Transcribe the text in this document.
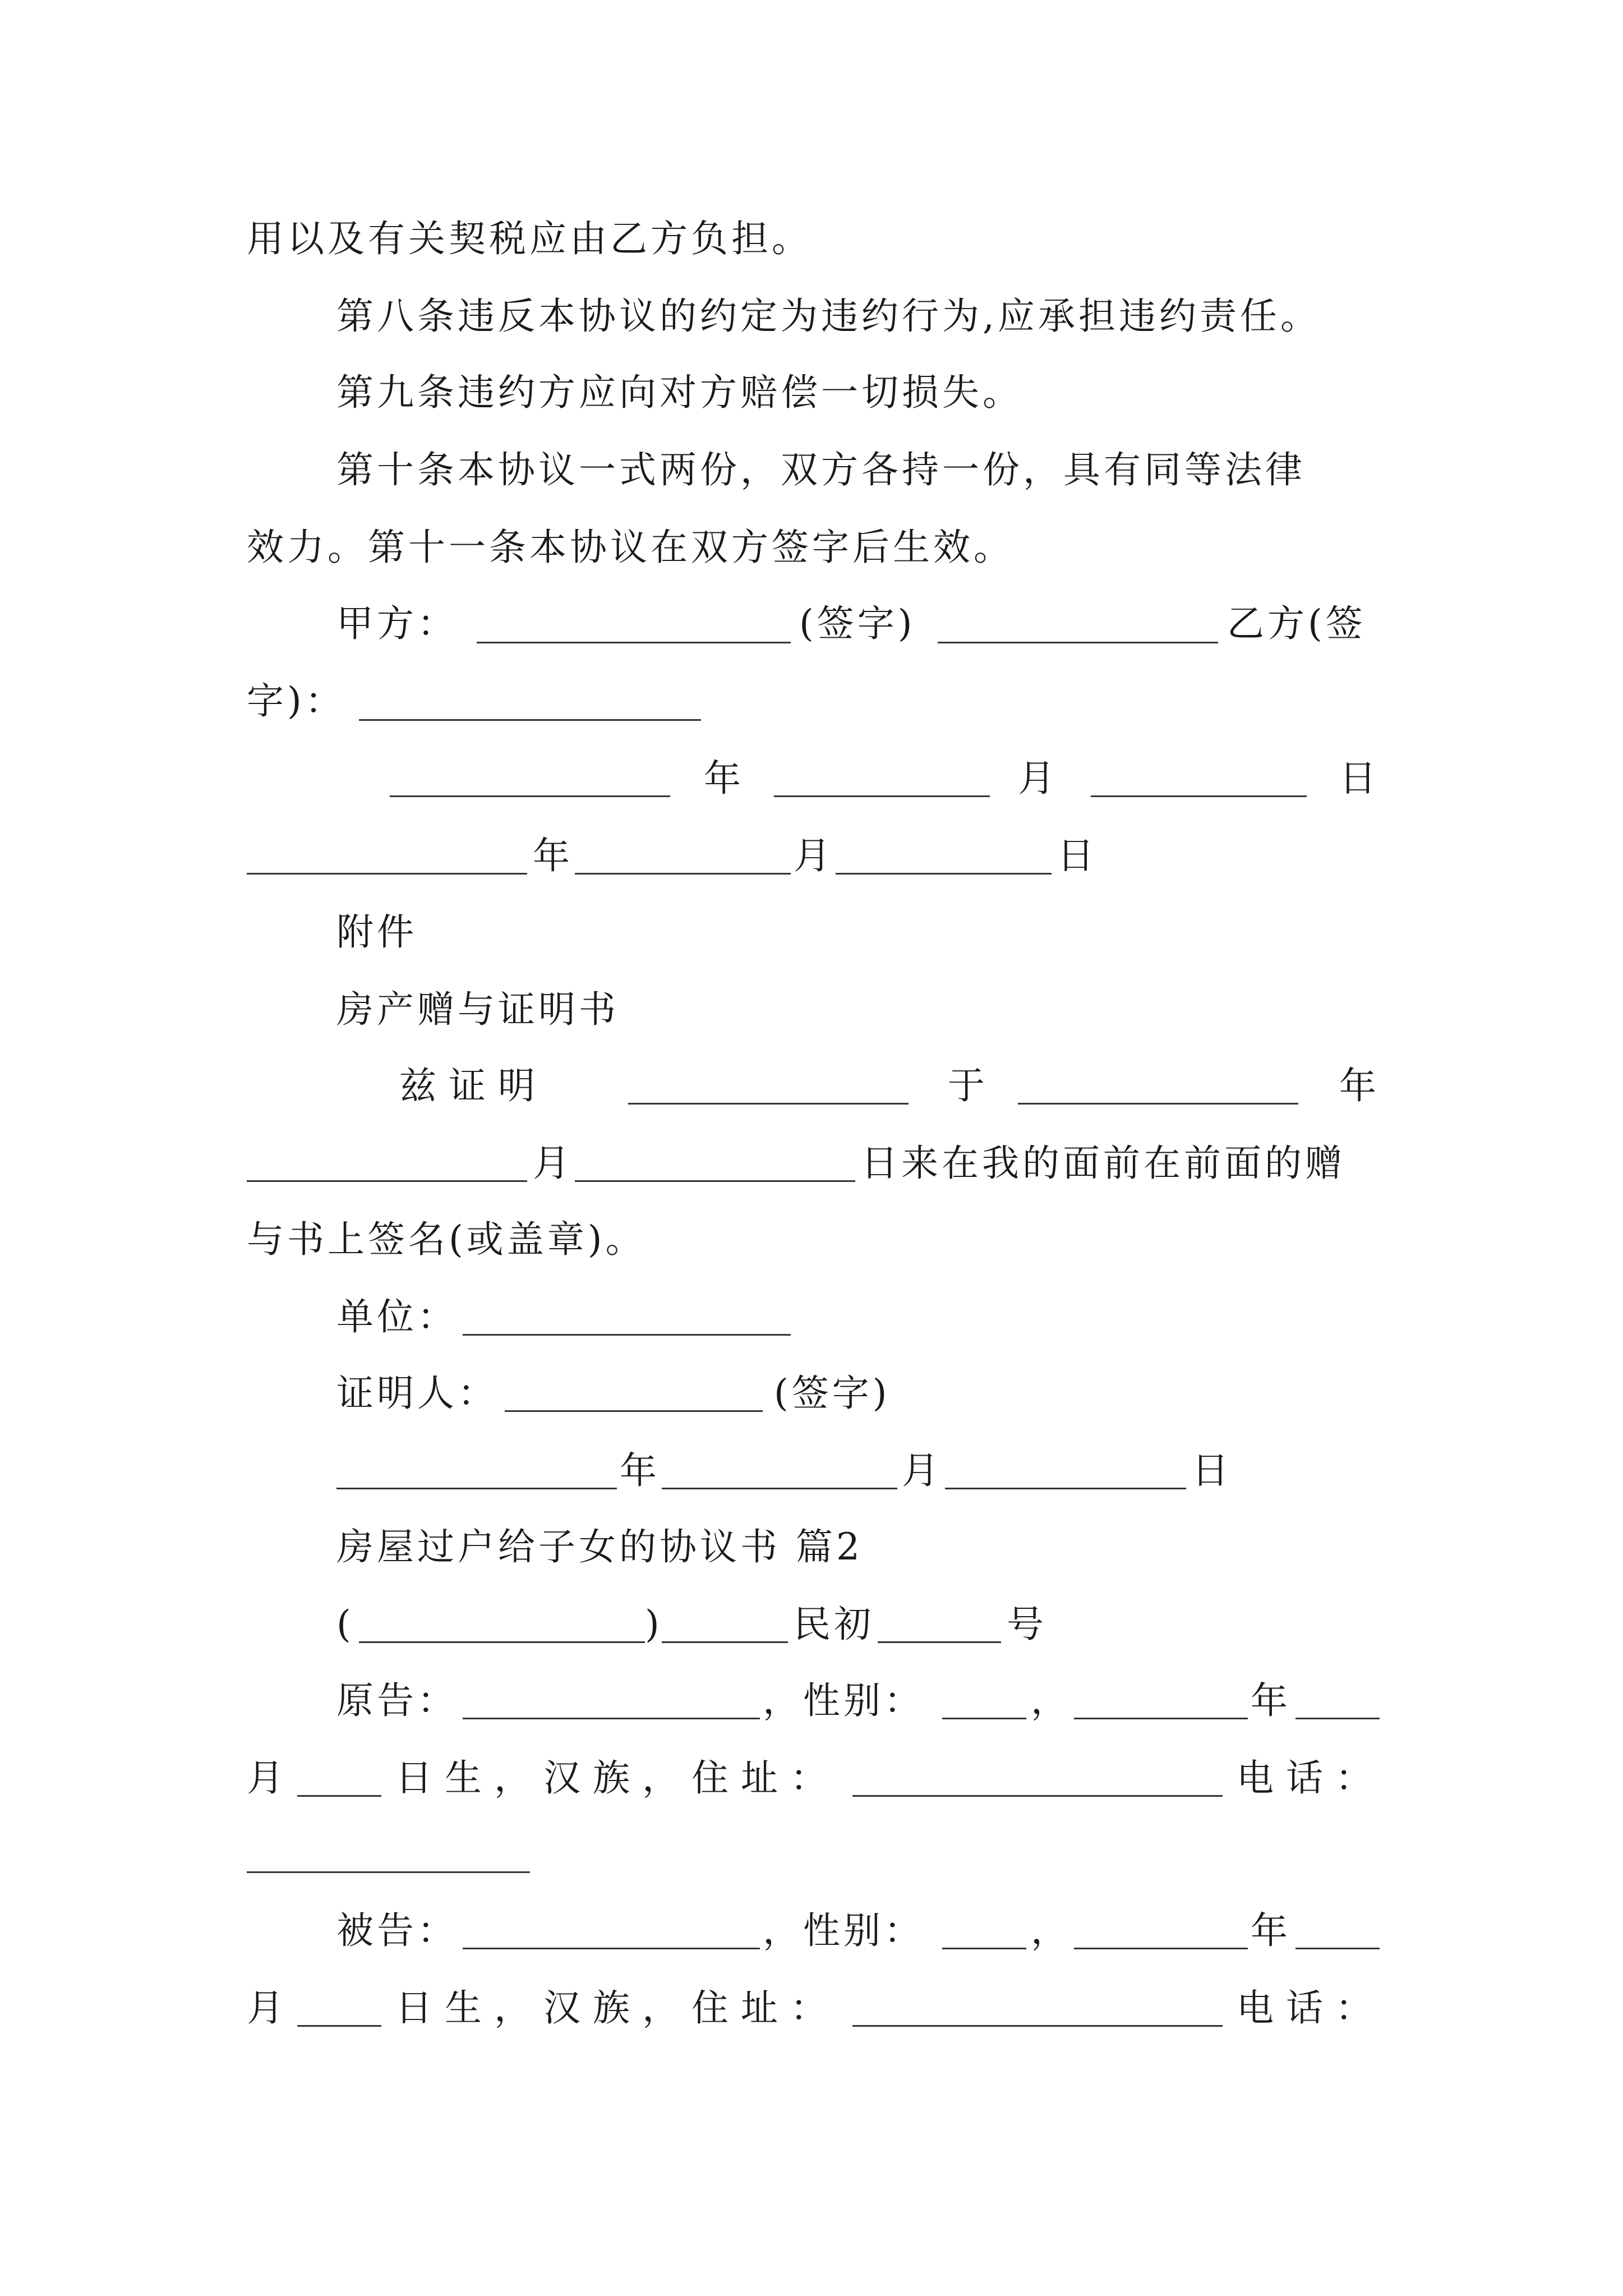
用以及有关契税应由乙方负担。
第八条违反本协议的约定为违约行为,应承担违约责任。
第九条违约方应向对方赔偿一切损失。
第十条本协议一式两份，双方各持一份，具有同等法律
效力。第十一条本协议在双方签字后生效。
甲方：	(签字)	乙方(签
字)：
年	月	日
年	月	日
附件
房产赠与证明书
兹证明	于	年
月	日来在我的面前在前面的赠
与书上签名(或盖章)。
单位：
证明人：	(签字)
年	月	日
房屋过户给子女的协议书 篇2
(	)	民初	号
原告：	，性别：	，	年
月	日生，汉族，住址：	电话：
被告：	，性别：	，	年
月	日生，汉族，住址：	电话：
